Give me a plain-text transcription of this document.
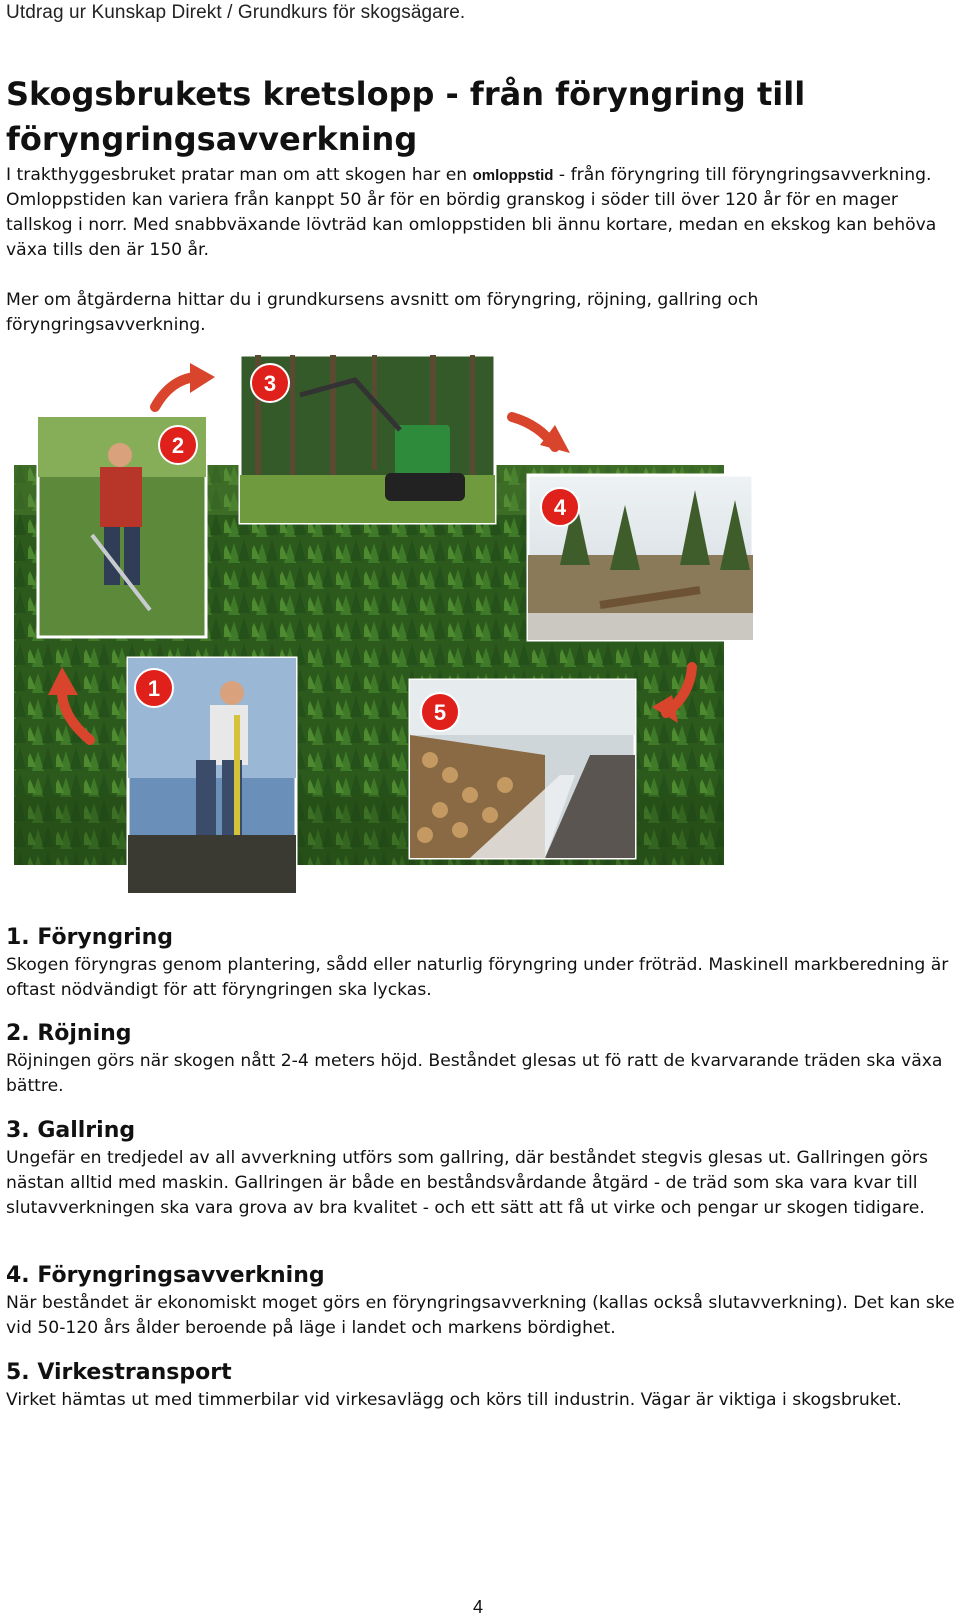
Utdrag ur Kunskap Direkt / Grundkurs för skogsägare.
Skogsbrukets kretslopp - från föryngring till föryngringsavverkning

I trakthyggesbruket pratar man om att skogen har en omloppstid - från föryngring till föryngringsavverkning. Omloppstiden kan variera från kanppt 50 år för en bördig granskog i söder till över 120 år för en mager tallskog i norr. Med snabbväxande lövträd kan omloppstiden bli ännu kortare, medan en ekskog kan behöva växa tills den är 150 år.

Mer om åtgärderna hittar du i grundkursens avsnitt om föryngring, röjning, gallring och föryngringsavverkning.

3
2
4
1
5
1. Föryngring

Skogen föryngras genom plantering, sådd eller naturlig föryngring under fröträd. Maskinell markberedning är oftast nödvändigt för att föryngringen ska lyckas.

2. Röjning

Röjningen görs när skogen nått 2-4 meters höjd. Beståndet glesas ut fö ratt de kvarvarande träden ska växa bättre.

3. Gallring

Ungefär en tredjedel av all avverkning utförs som gallring, där beståndet stegvis glesas ut. Gallringen görs nästan alltid med maskin. Gallringen är både en beståndsvårdande åtgärd - de träd som ska vara kvar till slutavverkningen ska vara grova av bra kvalitet - och ett sätt att få ut virke och pengar ur skogen tidigare.

4. Föryngringsavverkning

När beståndet är ekonomiskt moget görs en föryngringsavverkning (kallas också slutavverkning). Det kan ske vid 50-120 års ålder beroende på läge i landet och markens bördighet.

5. Virkestransport

Virket hämtas ut med timmerbilar vid virkesavlägg och körs till industrin. Vägar är viktiga i skogsbruket.

4
